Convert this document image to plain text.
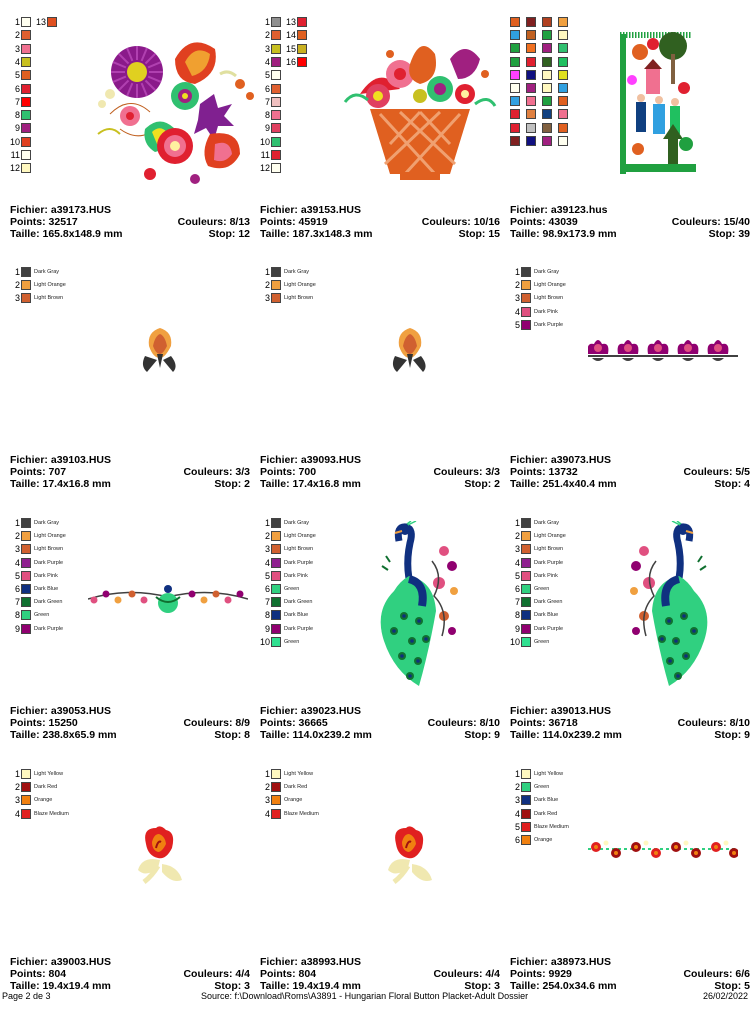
1 13
2
3
4
5
6
7
8
9
10
11
12
Fichier: a39173.HUS
Points: 32517	Couleurs: 8/13
Taille: 165.8x148.9 mm	Stop: 12
1 13
2 14
3 15
4 16
5
6
7
8
9
10
11
12
Fichier: a39153.HUS
Points: 45919	Couleurs: 10/16
Taille: 187.3x148.3 mm	Stop: 15
Fichier: a39123.hus
Points: 43039	Couleurs: 15/40
Taille: 98.9x173.9 mm	Stop: 39
1	Dark Gray
2	Light Orange
3	Light Brown
Fichier: a39103.HUS
Points: 707	Couleurs: 3/3
Taille: 17.4x16.8 mm	Stop: 2
1	Dark Gray
2	Light Orange
3	Light Brown
Fichier: a39093.HUS
Points: 700	Couleurs: 3/3
Taille: 17.4x16.8 mm	Stop: 2
1	Dark Gray
2	Light Orange
3	Light Brown
4	Dark Pink
5	Dark Purple
Fichier: a39073.HUS
Points: 13732	Couleurs: 5/5
Taille: 251.4x40.4 mm	Stop: 4
1	Dark Gray
2	Light Orange
3	Light Brown
4	Dark Purple
5	Dark Pink
6	Dark Blue
7	Dark Green
8	Green
9	Dark Purple
Fichier: a39053.HUS
Points: 15250	Couleurs: 8/9
Taille: 238.8x65.9 mm	Stop: 8
1	Dark Gray
2	Light Orange
3	Light Brown
4	Dark Purple
5	Dark Pink
6	Green
7	Dark Green
8	Dark Blue
9	Dark Purple
10	Green
Fichier: a39023.HUS
Points: 36665	Couleurs: 8/10
Taille: 114.0x239.2 mm	Stop: 9
1	Dark Gray
2	Light Orange
3	Light Brown
4	Dark Purple
5	Dark Pink
6	Green
7	Dark Green
8	Dark Blue
9	Dark Purple
10	Green
Fichier: a39013.HUS
Points: 36718	Couleurs: 8/10
Taille: 114.0x239.2 mm	Stop: 9
1	Light Yellow
2	Dark Red
3	Orange
4	Blaze Medium
Fichier: a39003.HUS
Points: 804	Couleurs: 4/4
Taille: 19.4x19.4 mm	Stop: 3
1	Light Yellow
2	Dark Red
3	Orange
4	Blaze Medium
Fichier: a38993.HUS
Points: 804	Couleurs: 4/4
Taille: 19.4x19.4 mm	Stop: 3
1	Light Yellow
2	Green
3	Dark Blue
4	Dark Red
5	Blaze Medium
6	Orange
Fichier: a38973.HUS
Points: 9929	Couleurs: 6/6
Taille: 254.0x34.6 mm	Stop: 5
Page 2 de 3	Source: f:\Download\Roms\A3891 - Hungarian Floral Button Placket-Adult Dossier	26/02/2022
